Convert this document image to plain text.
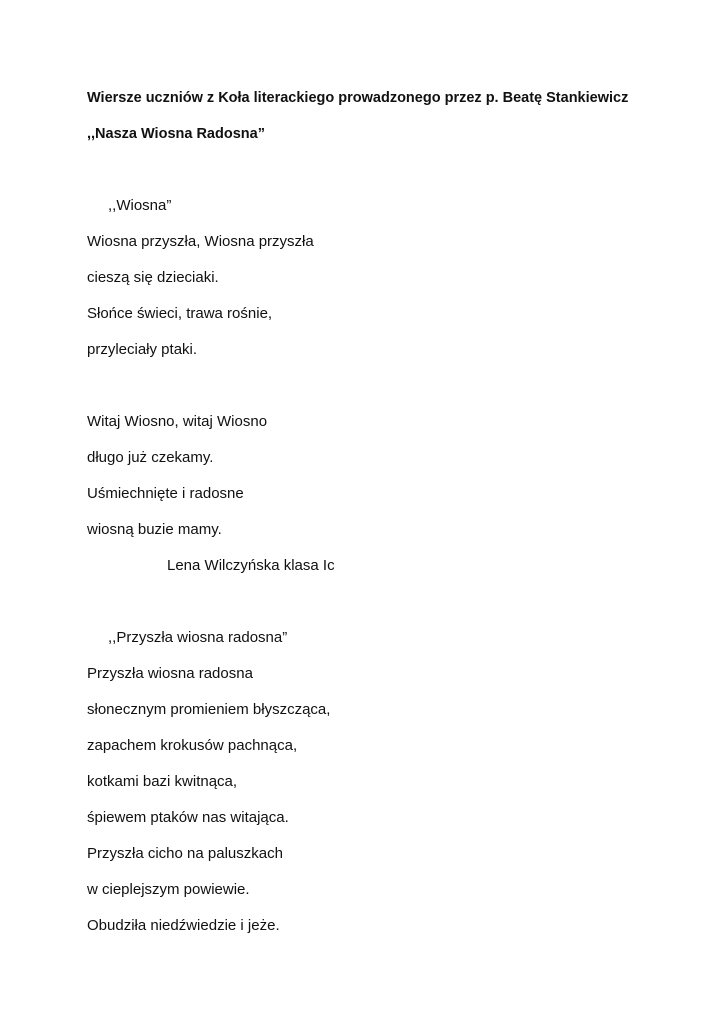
Wiersze uczniów z Koła literackiego prowadzonego przez p. Beatę Stankiewicz
,,Nasza Wiosna Radosna”
,,Wiosna”
Wiosna przyszła, Wiosna przyszła
cieszą się dzieciaki.
Słońce świeci, trawa rośnie,
przyleciały ptaki.
Witaj Wiosno, witaj Wiosno
długo już czekamy.
Uśmiechnięte i radosne
wiosną buzie mamy.
Lena Wilczyńska klasa Ic
,,Przyszła wiosna radosna”
Przyszła wiosna radosna
słonecznym promieniem błyszcząca,
zapachem krokusów pachnąca,
kotkami bazi kwitnąca,
śpiewem ptaków nas witająca.
Przyszła cicho na paluszkach
w cieplejszym powiewie.
Obudziła niedźwiedzie i jeże.
